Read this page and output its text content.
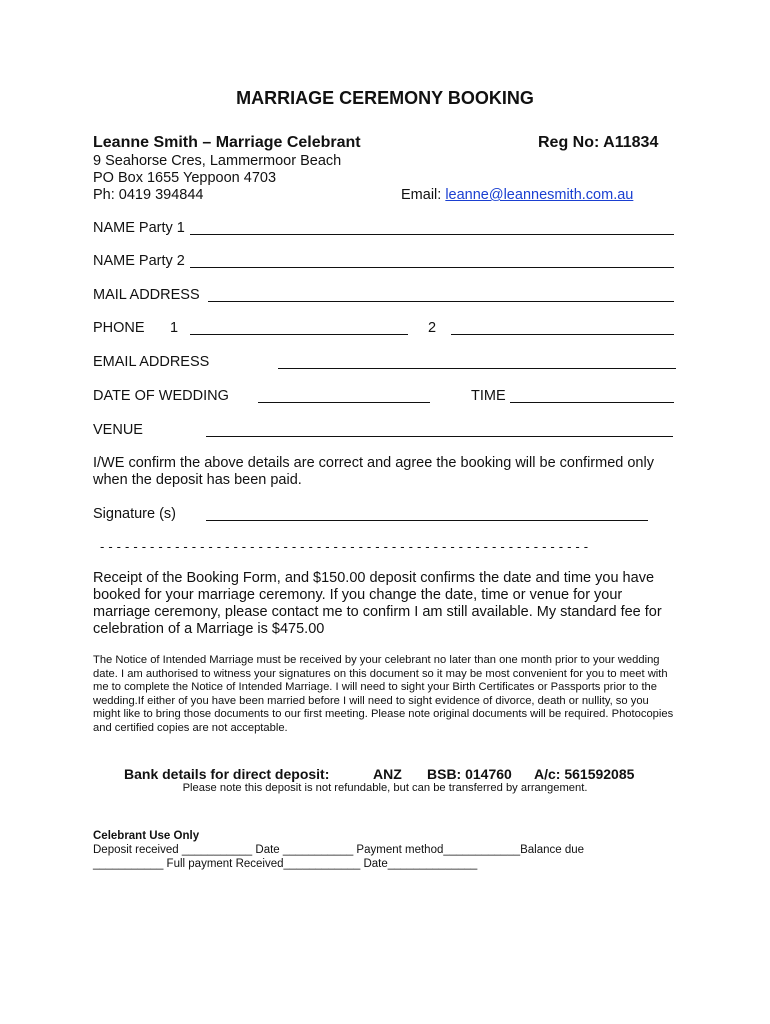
MARRIAGE CEREMONY BOOKING
Leanne Smith – Marriage Celebrant	Reg No: A11834
9 Seahorse Cres, Lammermoor Beach
PO Box 1655 Yeppoon 4703
Ph: 0419 394844	Email: leanne@leannesmith.com.au
NAME Party 1
NAME Party 2
MAIL ADDRESS
PHONE 1	2
EMAIL ADDRESS
DATE OF WEDDING	TIME
VENUE
I/WE confirm the above details are correct and agree the booking will be confirmed only when the deposit has been paid.
Signature (s)
- - - - - - - - - - - - - - - - - - - - - - - - - - - - - - - - - - - - - - - - - - - - - - - - - - - - - - - - - - -
Receipt of the Booking Form, and $150.00 deposit confirms the date and time you have booked for your marriage ceremony. If you change the date, time or venue for your marriage ceremony, please contact me to confirm I am still available. My standard fee for celebration of a Marriage is $475.00
The Notice of Intended Marriage must be received by your celebrant no later than one month prior to your wedding date. I am authorised to witness your signatures on this document so it may be most convenient for you to meet with me to complete the Notice of Intended Marriage. I will need to sight your Birth Certificates or Passports prior to the wedding.If either of you have been married before I will need to sight evidence of divorce, death or nullity, so you might like to bring those documents to our first meeting. Please note original documents will be required. Photocopies and certified copies are not acceptable.
Bank details for direct deposit:	ANZ BSB: 014760 A/c: 561592085
Please note this deposit is not refundable, but can be transferred by arrangement.
Celebrant Use Only
Deposit received ___________ Date ___________ Payment method____________Balance due
___________ Full payment Received____________ Date______________
